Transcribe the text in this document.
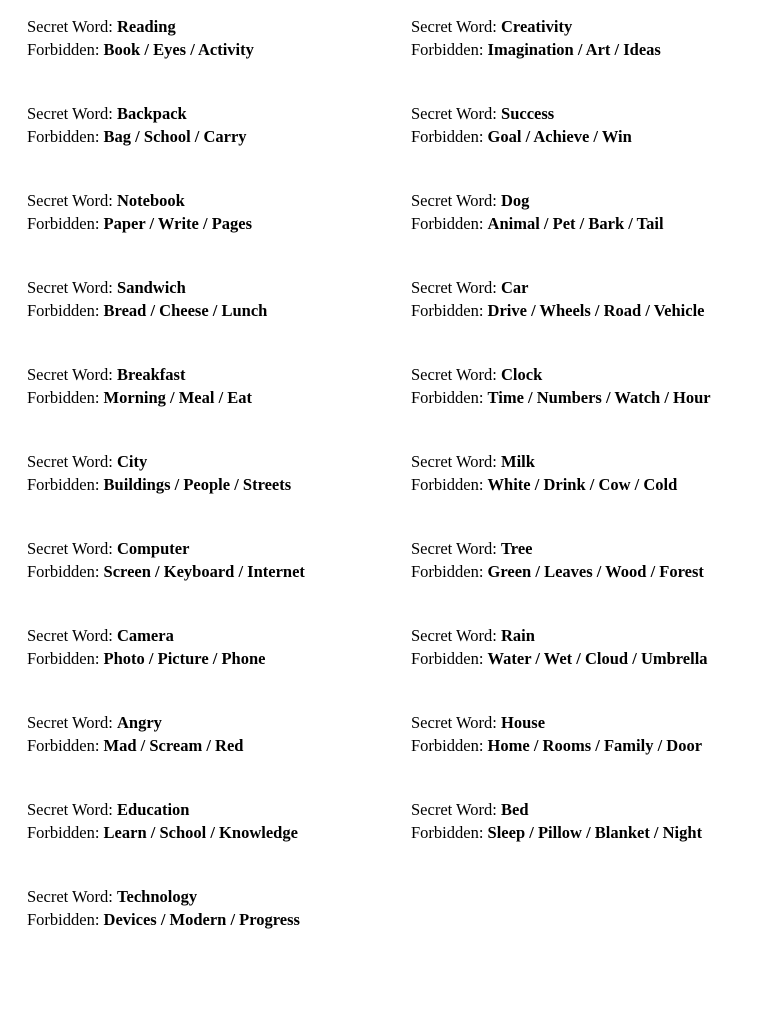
Secret Word: Reading
Forbidden: Book / Eyes / Activity
Secret Word: Backpack
Forbidden: Bag / School / Carry
Secret Word: Notebook
Forbidden: Paper / Write / Pages
Secret Word: Sandwich
Forbidden: Bread / Cheese / Lunch
Secret Word: Breakfast
Forbidden: Morning / Meal / Eat
Secret Word: City
Forbidden: Buildings / People / Streets
Secret Word: Computer
Forbidden: Screen / Keyboard / Internet
Secret Word: Camera
Forbidden: Photo / Picture / Phone
Secret Word: Angry
Forbidden: Mad / Scream / Red
Secret Word: Education
Forbidden: Learn / School / Knowledge
Secret Word: Technology
Forbidden: Devices / Modern / Progress
Secret Word: Creativity
Forbidden: Imagination / Art / Ideas
Secret Word: Success
Forbidden: Goal / Achieve / Win
Secret Word: Dog
Forbidden: Animal / Pet / Bark / Tail
Secret Word: Car
Forbidden: Drive / Wheels / Road / Vehicle
Secret Word: Clock
Forbidden: Time / Numbers / Watch / Hour
Secret Word: Milk
Forbidden: White / Drink / Cow / Cold
Secret Word: Tree
Forbidden: Green / Leaves / Wood / Forest
Secret Word: Rain
Forbidden: Water / Wet / Cloud / Umbrella
Secret Word: House
Forbidden: Home / Rooms / Family / Door
Secret Word: Bed
Forbidden: Sleep / Pillow / Blanket / Night
